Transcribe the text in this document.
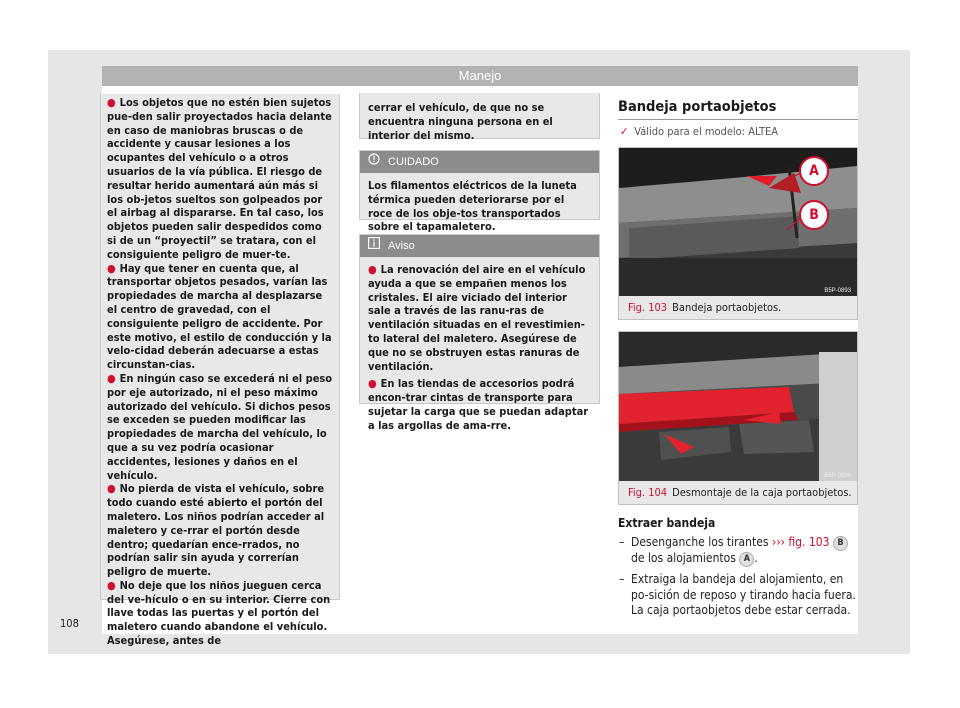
Manejo
● Los objetos que no estén bien sujetos pue-den salir proyectados hacia delante en caso de maniobras bruscas o de accidente y causar lesiones a los ocupantes del vehículo o a otros usuarios de la vía pública. El riesgo de resultar herido aumentará aún más si los ob-jetos sueltos son golpeados por el airbag al dispararse. En tal caso, los objetos pueden salir despedidos como si de un “proyectil” se tratara, con el consiguiente peligro de muer-te.
● Hay que tener en cuenta que, al transportar objetos pesados, varían las propiedades de marcha al desplazarse el centro de gravedad, con el consiguiente peligro de accidente. Por este motivo, el estilo de conducción y la velo-cidad deberán adecuarse a estas circunstan-cias.
● En ningún caso se excederá ni el peso por eje autorizado, ni el peso máximo autorizado del vehículo. Si dichos pesos se exceden se pueden modificar las propiedades de marcha del vehículo, lo que a su vez podría ocasionar accidentes, lesiones y daños en el vehículo.
● No pierda de vista el vehículo, sobre todo cuando esté abierto el portón del maletero. Los niños podrían acceder al maletero y ce-rrar el portón desde dentro; quedarían ence-rrados, no podrían salir sin ayuda y correrían peligro de muerte.
● No deje que los niños jueguen cerca del ve-hículo o en su interior. Cierre con llave todas las puertas y el portón del maletero cuando abandone el vehículo. Asegúrese, antes de
cerrar el vehículo, de que no se encuentra ninguna persona en el interior del mismo.
CUIDADO
Los filamentos eléctricos de la luneta térmica pueden deteriorarse por el roce de los obje-tos transportados sobre el tapamaletero.
Aviso
● La renovación del aire en el vehículo ayuda a que se empañen menos los cristales. El aire viciado del interior sale a través de las ranu-ras de ventilación situadas en el revestimien-to lateral del maletero. Asegúrese de que no se obstruyen estas ranuras de ventilación.
● En las tiendas de accesorios podrá encon-trar cintas de transporte para sujetar la carga que se puedan adaptar a las argollas de ama-rre.
Bandeja portaobjetos
✓ Válido para el modelo: ALTEA
A
B
B5P-0893
Fig. 103 Bandeja portaobjetos.
B5P-0894
Fig. 104 Desmontaje de la caja portaobjetos.
Extraer bandeja
– Desenganche los tirantes ››› fig. 103 B de los alojamientos A .
– Extraiga la bandeja del alojamiento, en po-sición de reposo y tirando hacia fuera. La caja portaobjetos debe estar cerrada.
108
